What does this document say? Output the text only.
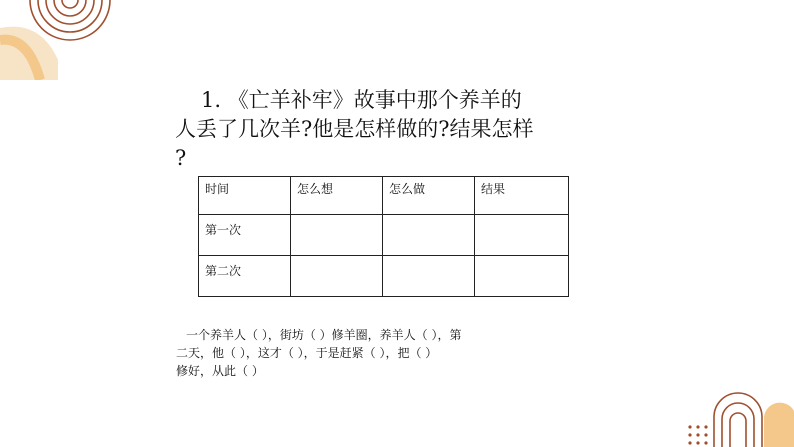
1. 《亡羊补牢》故事中那个养羊的
人丢了几次羊?他是怎样做的?结果怎样
?
时间	怎么想	怎么做	结果
第一次			
第二次			
一个养羊人（ ），街坊（ ）修羊圈，养羊人（ ），第
二天，他（ ），这才（ ），于是赶紧（ ），把（ ）
修好，从此（ ）
